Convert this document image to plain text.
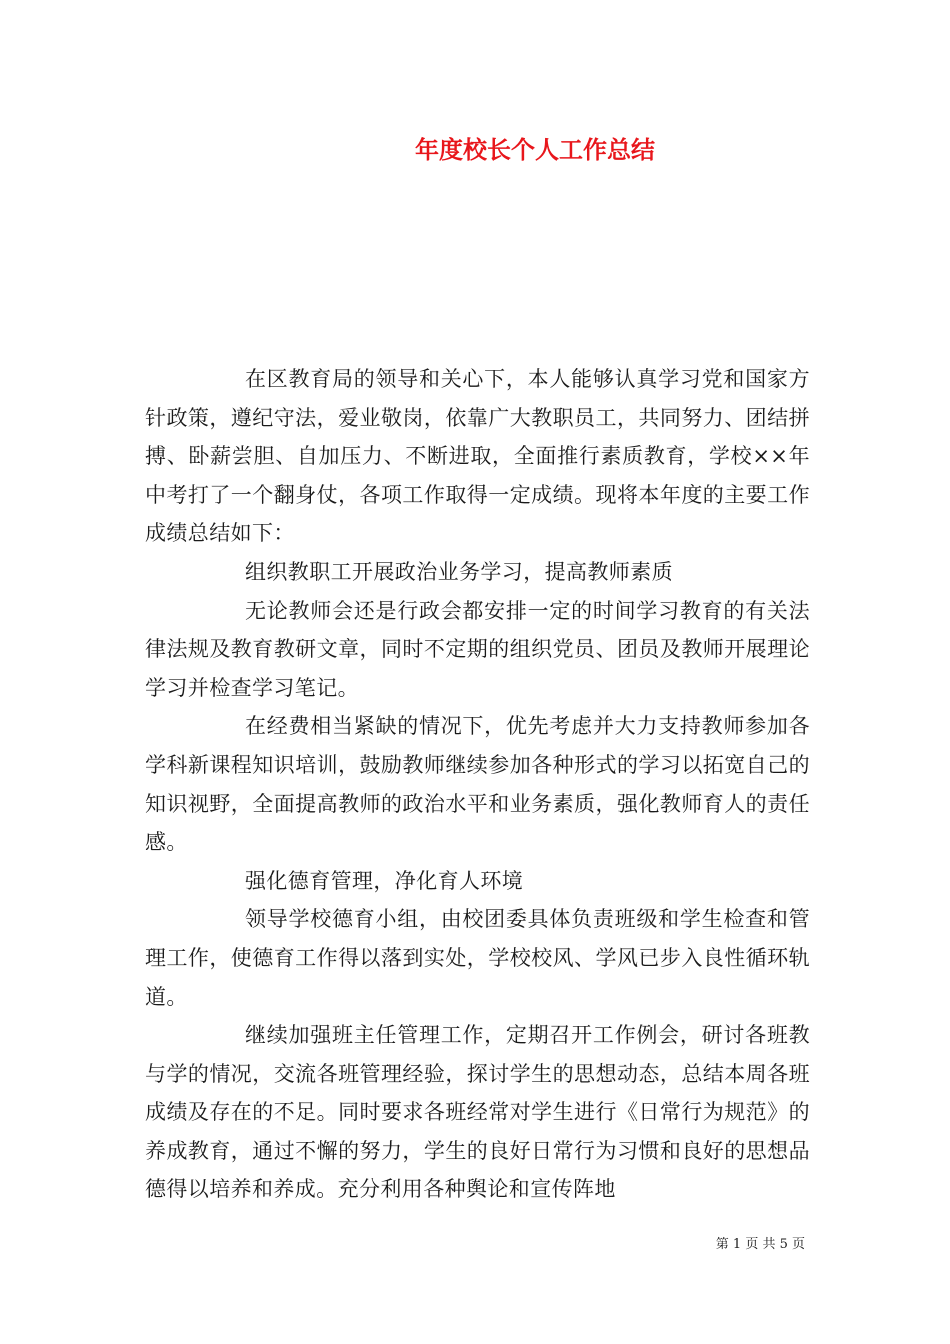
年度校长个人工作总结

在区教育局的领导和关心下，本人能够认真学习党和国家方针政策，遵纪守法，爱业敬岗，依靠广大教职员工，共同努力、团结拼搏、卧薪尝胆、自加压力、不断进取，全面推行素质教育，学校××年中考打了一个翻身仗，各项工作取得一定成绩。现将本年度的主要工作成绩总结如下：

组织教职工开展政治业务学习，提高教师素质

无论教师会还是行政会都安排一定的时间学习教育的有关法律法规及教育教研文章，同时不定期的组织党员、团员及教师开展理论学习并检查学习笔记。

在经费相当紧缺的情况下，优先考虑并大力支持教师参加各学科新课程知识培训，鼓励教师继续参加各种形式的学习以拓宽自己的知识视野，全面提高教师的政治水平和业务素质，强化教师育人的责任感。

强化德育管理，净化育人环境

领导学校德育小组，由校团委具体负责班级和学生检查和管理工作，使德育工作得以落到实处，学校校风、学风已步入良性循环轨道。

继续加强班主任管理工作，定期召开工作例会，研讨各班教与学的情况，交流各班管理经验，探讨学生的思想动态，总结本周各班成绩及存在的不足。同时要求各班经常对学生进行《日常行为规范》的养成教育，通过不懈的努力，学生的良好日常行为习惯和良好的思想品德得以培养和养成。充分利用各种舆论和宣传阵地

第 1 页 共 5 页
